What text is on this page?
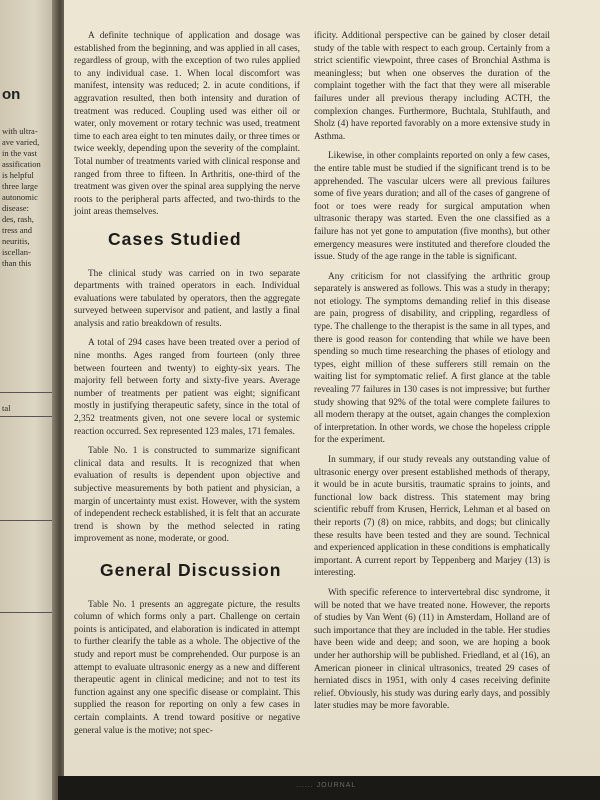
on
with ultra-
ave varied,
in the vast
assification
is helpful
three large
autonomic
disease:
des, rash,
tress and
neuritis,
iscellan-
than this
tal

A definite technique of application and dosage was established from the beginning, and was applied in all cases, regardless of group, with the exception of two rules applied to any individual case. 1. When local discomfort was manifest, intensity was reduced; 2. in acute conditions, if aggravation resulted, then both intensity and duration of treatment was reduced. Coupling used was either oil or water, only movement or rotary technic was used, treatment time to each area eight to ten minutes daily, or three times or twice weekly, depending upon the severity of the complaint. Total number of treatments varied with clinical response and ranged from three to fifteen. In Arthritis, one-third of the treatment was given over the spinal area supplying the nerve roots to the peripheral parts affected, and two-thirds to the joint areas themselves.

Cases Studied

The clinical study was carried on in two separate departments with trained operators in each. Individual evaluations were tabulated by operators, then the aggregate surveyed between supervisor and patient, and lastly a final analysis and ratio breakdown of results.

A total of 294 cases have been treated over a period of nine months. Ages ranged from fourteen (only three between fourteen and twenty) to eighty-six years. The majority fell between forty and sixty-five years. Average number of treatments per patient was eight; significant mostly in justifying therapeutic safety, since in the total of 2,352 treatments given, not one severe local or systemic reaction occurred. Sex represented 123 males, 171 females.

Table No. 1 is constructed to summarize significant clinical data and results. It is recognized that when evaluation of results is dependent upon objective and subjective measurements by both patient and physician, a margin of uncertainty must exist. However, with the system of independent recheck established, it is felt that an accurate trend is shown by the method selected in rating improvement as none, moderate, or good.

General Discussion

Table No. 1 presents an aggregate picture, the results column of which forms only a part. Challenge on certain points is anticipated, and elaboration is indicated in attempt to further clearify the table as a whole. The objective of the study and report must be comprehended. Our purpose is an attempt to evaluate ultrasonic energy as a new and different therapeutic agent in clinical medicine; and not to test its function against any one specific disease or complaint. This supplied the reason for reporting on only a few cases in certain complaints. A trend toward positive or negative general value is the motive; not spec-

ificity. Additional perspective can be gained by closer detail study of the table with respect to each group. Certainly from a strict scientific viewpoint, three cases of Bronchial Asthma is meaningless; but when one observes the duration of the complaint together with the fact that they were all miserable failures under all previous therapy including ACTH, the complexion changes. Furthermore, Buchtala, Stuhlfauth, and Sholz (4) have reported favorably on a more extensive study in Asthma.

Likewise, in other complaints reported on only a few cases, the entire table must be studied if the significant trend is to be apprehended. The vascular ulcers were all previous failures some of five years duration; and all of the cases of gangrene of foot or toes were ready for surgical amputation when ultrasonic therapy was started. Even the one classified as a failure has not yet gone to amputation (five months), but other emergency measures were instituted and therefore clouded the issue. Study of the age range in the table is significant.

Any criticism for not classifying the arthritic group separately is answered as follows. This was a study in therapy; not etiology. The symptoms demanding relief in this disease are pain, progress of disability, and crippling, regardless of type. The challenge to the therapist is the same in all types, and there is good reason for contending that while we have been spending so much time researching the phases of etiology and types, eight million of these sufferers still remain on the waiting list for symptomatic relief. A first glance at the table revealing 77 failures in 130 cases is not impressive; but further study showing that 92% of the total were complete failures to all modern therapy at the outset, again changes the complexion of interpretation. In other words, we chose the hopeless cripple for the experiment.

In summary, if our study reveals any outstanding value of ultrasonic energy over present established methods of therapy, it would be in acute bursitis, traumatic sprains to joints, and functional low back distress. This statement may bring scientific rebuff from Krusen, Herrick, Lehman et al based on their reports (7) (8) on mice, rabbits, and dogs; but clinically these results have been tested and they are sound. Technical and experienced application in these conditions is emphatically important. A current report by Teppenberg and Marjey (13) is interesting.

With specific reference to intervertebral disc syndrome, it will be noted that we have treated none. However, the reports of studies by Van Went (6) (11) in Amsterdam, Holland are of such importance that they are included in the table. Her studies have been wide and deep; and soon, we are hoping a book under her authorship will be published. Friedland, et al (16), an American pioneer in clinical ultrasonics, treated 29 cases of herniated discs in 1951, with only 4 cases receiving definite relief. Obviously, his study was during early days, and possibly later studies may be more favorable.

...... JOURNAL
